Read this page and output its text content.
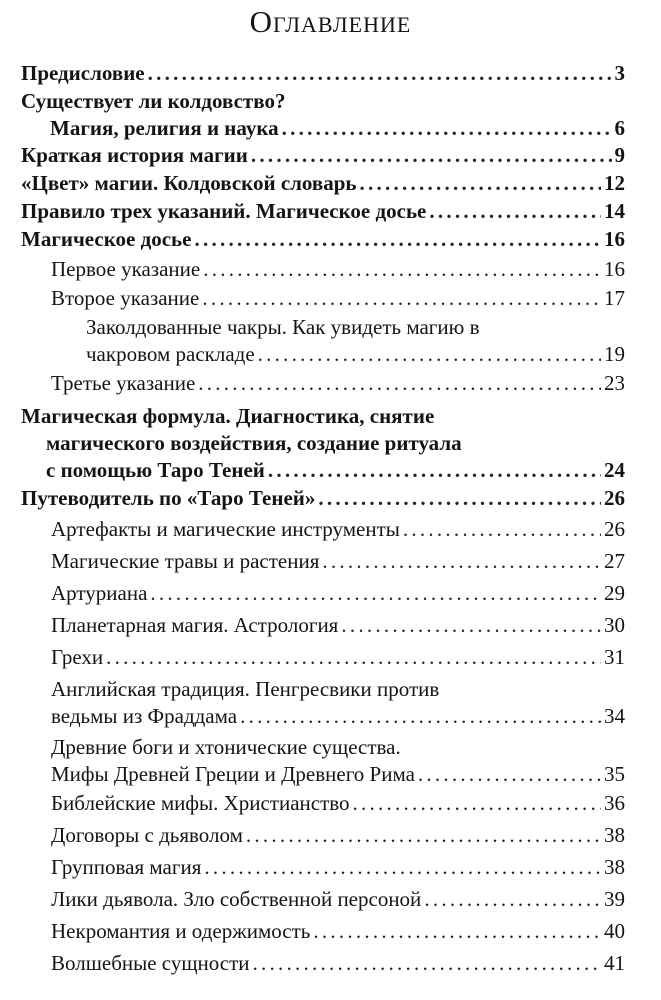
Оглавление
Предисловие . . .	3
Существует ли колдовство?
Магия, религия и наука . . .	6
Краткая история магии . . .	9
«Цвет» магии. Колдовской словарь . . .	12
Правило трех указаний. Магическое досье . . .	14
Магическое досье . . .	16
Первое указание . . .	16
Второе указание . . .	17
Заколдованные чакры. Как увидеть магию в
чакровом раскладе . . .	19
Третье указание . . .	23
Магическая формула. Диагностика, снятие
магического воздействия, создание ритуала
с помощью Таро Теней . . .	24
Путеводитель по «Таро Теней» . . .	26
Артефакты и магические инструменты . . .	26
Магические травы и растения . . .	27
Артуриана . . .	29
Планетарная магия. Астрология . . .	30
Грехи . . .	31
Английская традиция. Пенгресвики против
ведьмы из Фраддама . . .	34
Древние боги и хтонические существа.
Мифы Древней Греции и Древнего Рима . . .	35
Библейские мифы. Христианство . . .	36
Договоры с дьяволом . . .	38
Групповая магия . . .	38
Лики дьявола. Зло собственной персоной . . .	39
Некромантия и одержимость . . .	40
Волшебные сущности . . .	41
